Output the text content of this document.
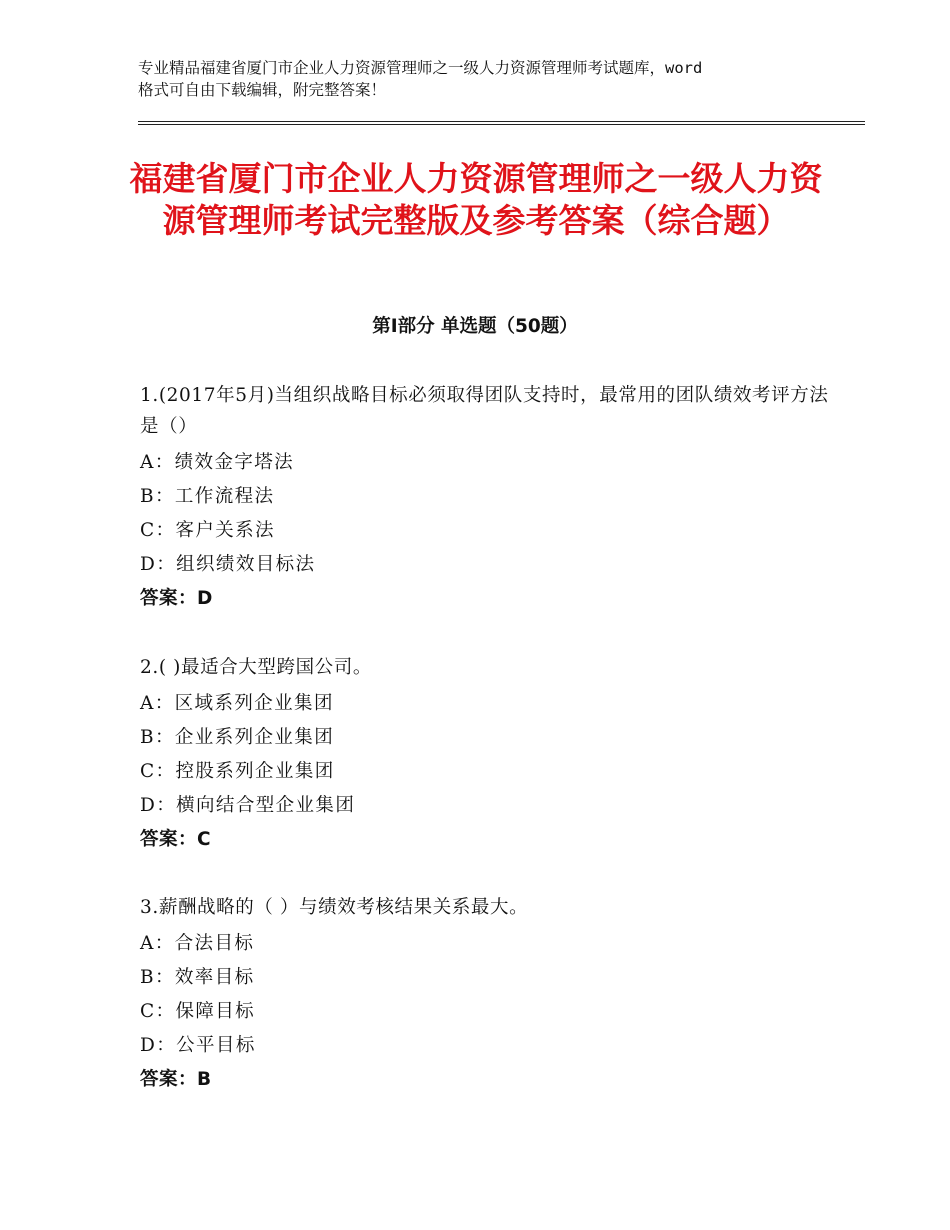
专业精品福建省厦门市企业人力资源管理师之一级人力资源管理师考试题库，word
格式可自由下载编辑，附完整答案！
福建省厦门市企业人力资源管理师之一级人力资源管理师考试完整版及参考答案（综合题）
第Ⅰ部分 单选题（50题）

1.(2017年5月)当组织战略目标必须取得团队支持时，最常用的团队绩效考评方法是（）

A：绩效金字塔法
B：工作流程法
C：客户关系法
D：组织绩效目标法
答案：D

2.( )最适合大型跨国公司。

A：区域系列企业集团
B：企业系列企业集团
C：控股系列企业集团
D：横向结合型企业集团
答案：C

3.薪酬战略的（ ）与绩效考核结果关系最大。

A：合法目标
B：效率目标
C：保障目标
D：公平目标
答案：B
